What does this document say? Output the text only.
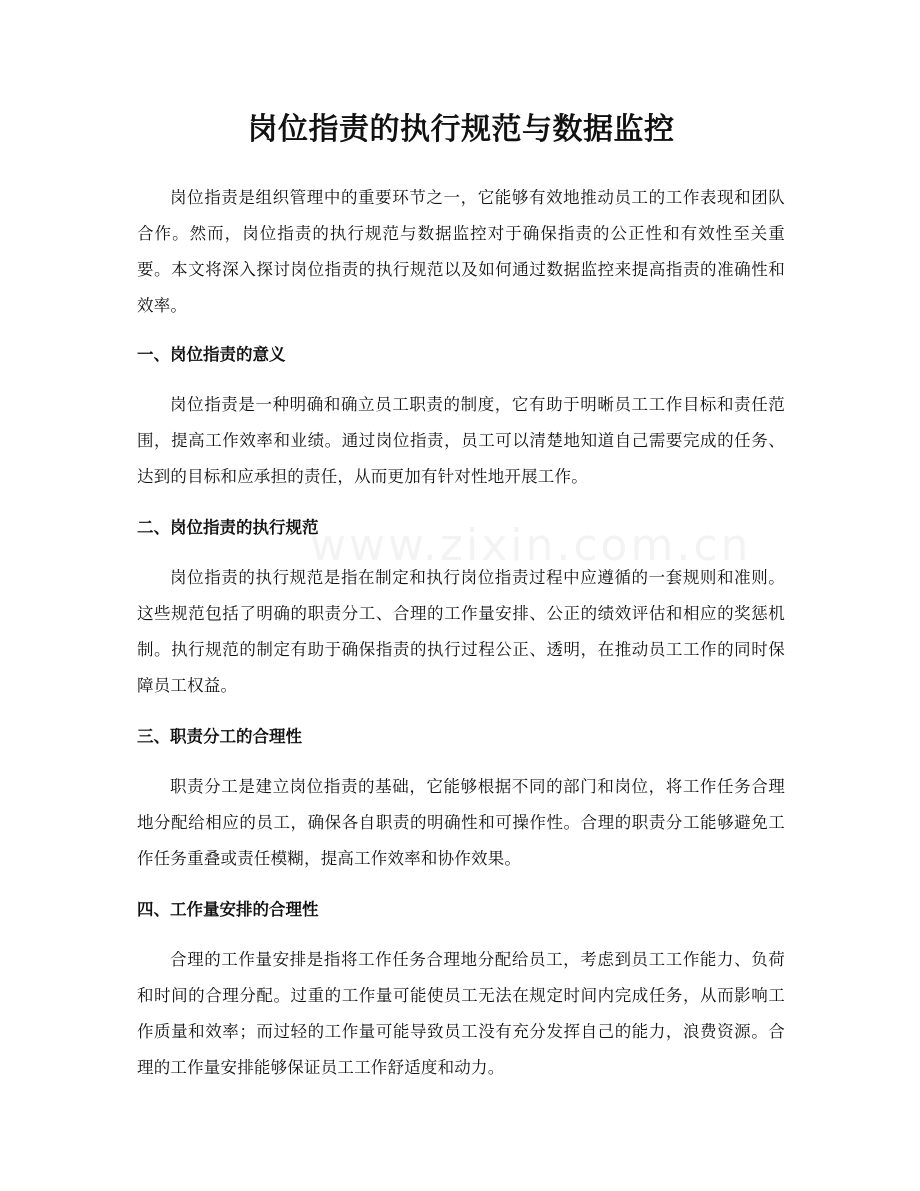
www.zixin.com.cn
岗位指责的执行规范与数据监控

岗位指责是组织管理中的重要环节之一，它能够有效地推动员工的工作表现和团队合作。然而，岗位指责的执行规范与数据监控对于确保指责的公正性和有效性至关重要。本文将深入探讨岗位指责的执行规范以及如何通过数据监控来提高指责的准确性和效率。

一、岗位指责的意义

岗位指责是一种明确和确立员工职责的制度，它有助于明晰员工工作目标和责任范围，提高工作效率和业绩。通过岗位指责，员工可以清楚地知道自己需要完成的任务、达到的目标和应承担的责任，从而更加有针对性地开展工作。

二、岗位指责的执行规范

岗位指责的执行规范是指在制定和执行岗位指责过程中应遵循的一套规则和准则。这些规范包括了明确的职责分工、合理的工作量安排、公正的绩效评估和相应的奖惩机制。执行规范的制定有助于确保指责的执行过程公正、透明，在推动员工工作的同时保障员工权益。

三、职责分工的合理性

职责分工是建立岗位指责的基础，它能够根据不同的部门和岗位，将工作任务合理地分配给相应的员工，确保各自职责的明确性和可操作性。合理的职责分工能够避免工作任务重叠或责任模糊，提高工作效率和协作效果。

四、工作量安排的合理性

合理的工作量安排是指将工作任务合理地分配给员工，考虑到员工工作能力、负荷和时间的合理分配。过重的工作量可能使员工无法在规定时间内完成任务，从而影响工作质量和效率；而过轻的工作量可能导致员工没有充分发挥自己的能力，浪费资源。合理的工作量安排能够保证员工工作舒适度和动力。
